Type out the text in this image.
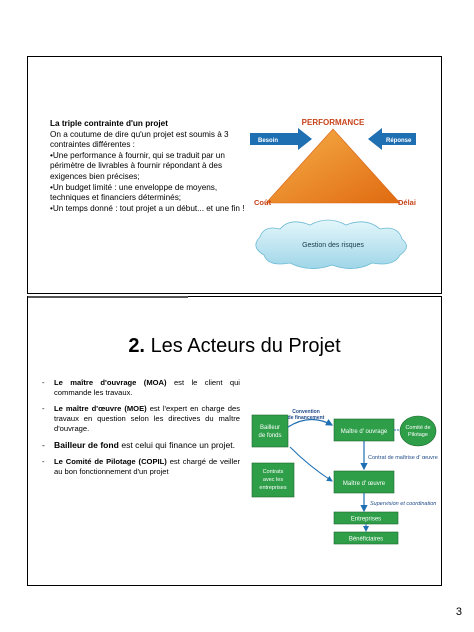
La triple contrainte d'un projet

On a coutume de dire qu'un projet est soumis à 3 contraintes différentes :

•Une performance à fournir, qui se traduit par un périmètre de livrables à fournir répondant à des exigences bien précises;

•Un budget limité : une enveloppe de moyens, techniques et financiers déterminés;

•Un temps donné : tout projet a un début... et une fin !

Gestion des risques
PERFORMANCE
Besoin	Réponse
Coût	Délai
2. Les Acteurs du Projet
- Le maître d'ouvrage (MOA) est le client qui commande les travaux.
- Le maître d'œuvre (MOE) est l'expert en charge des travaux en question selon les directives du maître d'ouvrage.
- Bailleur de fond est celui qui finance un projet.
- Le Comité de Pilotage (COPIL) est chargé de veiller au bon fonctionnement d'un projet
Bailleur
de fonds
Convention
de financement
Maître d' ouvrage
Comité de
Pilotage
Contrat de maîtrise d' œuvre
Contrats
avec les
entreprises
Maître d' œuvre
Supervision et coordination
Entreprises
Bénéficiaires
3
